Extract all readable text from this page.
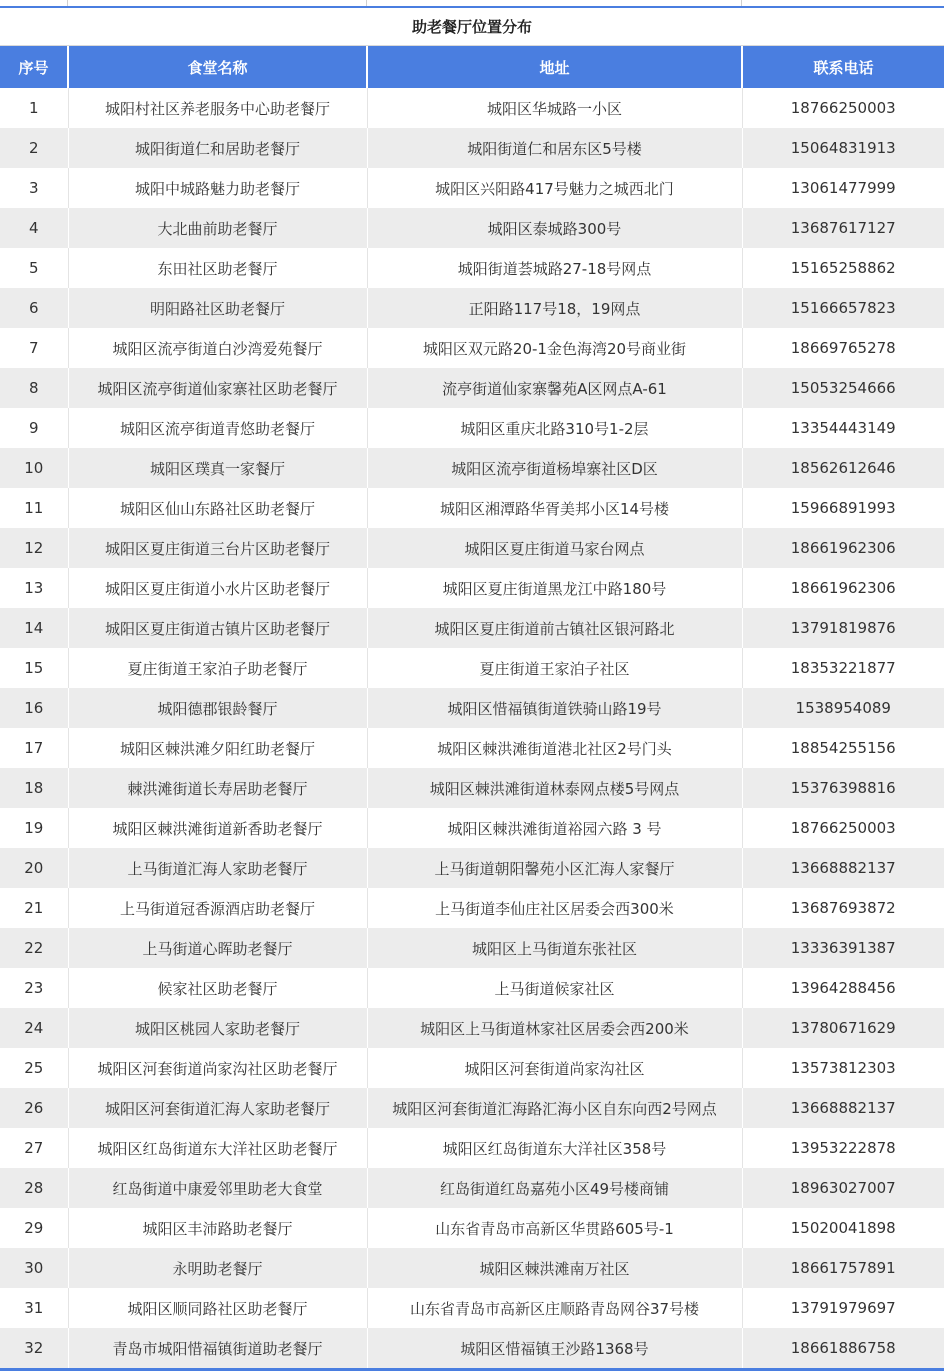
助老餐厅位置分布
序号	食堂名称	地址	联系电话
1	城阳村社区养老服务中心助老餐厅	城阳区华城路一小区	18766250003
2	城阳街道仁和居助老餐厅	城阳街道仁和居东区5号楼	15064831913
3	城阳中城路魅力助老餐厅	城阳区兴阳路417号魅力之城西北门	13061477999
4	大北曲前助老餐厅	城阳区泰城路300号	13687617127
5	东田社区助老餐厅	城阳街道荟城路27-18号网点	15165258862
6	明阳路社区助老餐厅	正阳路117号18，19网点	15166657823
7	城阳区流亭街道白沙湾爱苑餐厅	城阳区双元路20-1金色海湾20号商业街	18669765278
8	城阳区流亭街道仙家寨社区助老餐厅	流亭街道仙家寨馨苑A区网点A-61	15053254666
9	城阳区流亭街道青悠助老餐厅	城阳区重庆北路310号1-2层	13354443149
10	城阳区璞真一家餐厅	城阳区流亭街道杨埠寨社区D区	18562612646
11	城阳区仙山东路社区助老餐厅	城阳区湘潭路华胥美邦小区14号楼	15966891993
12	城阳区夏庄街道三台片区助老餐厅	城阳区夏庄街道马家台网点	18661962306
13	城阳区夏庄街道小水片区助老餐厅	城阳区夏庄街道黑龙江中路180号	18661962306
14	城阳区夏庄街道古镇片区助老餐厅	城阳区夏庄街道前古镇社区银河路北	13791819876
15	夏庄街道王家泊子助老餐厅	夏庄街道王家泊子社区	18353221877
16	城阳德郡银龄餐厅	城阳区惜福镇街道铁骑山路19号	1538954089
17	城阳区棘洪滩夕阳红助老餐厅	城阳区棘洪滩街道港北社区2号门头	18854255156
18	棘洪滩街道长寿居助老餐厅	城阳区棘洪滩街道林泰网点楼5号网点	15376398816
19	城阳区棘洪滩街道新香助老餐厅	城阳区棘洪滩街道裕园六路 3 号	18766250003
20	上马街道汇海人家助老餐厅	上马街道朝阳馨苑小区汇海人家餐厅	13668882137
21	上马街道冠香源酒店助老餐厅	上马街道李仙庄社区居委会西300米	13687693872
22	上马街道心晖助老餐厅	城阳区上马街道东张社区	13336391387
23	候家社区助老餐厅	上马街道候家社区	13964288456
24	城阳区桃园人家助老餐厅	城阳区上马街道林家社区居委会西200米	13780671629
25	城阳区河套街道尚家沟社区助老餐厅	城阳区河套街道尚家沟社区	13573812303
26	城阳区河套街道汇海人家助老餐厅	城阳区河套街道汇海路汇海小区自东向西2号网点	13668882137
27	城阳区红岛街道东大洋社区助老餐厅	城阳区红岛街道东大洋社区358号	13953222878
28	红岛街道中康爱邻里助老大食堂	红岛街道红岛嘉苑小区49号楼商铺	18963027007
29	城阳区丰沛路助老餐厅	山东省青岛市高新区华贯路605号-1	15020041898
30	永明助老餐厅	城阳区棘洪滩南万社区	18661757891
31	城阳区顺同路社区助老餐厅	山东省青岛市高新区庄顺路青岛网谷37号楼	13791979697
32	青岛市城阳惜福镇街道助老餐厅	城阳区惜福镇王沙路1368号	18661886758
